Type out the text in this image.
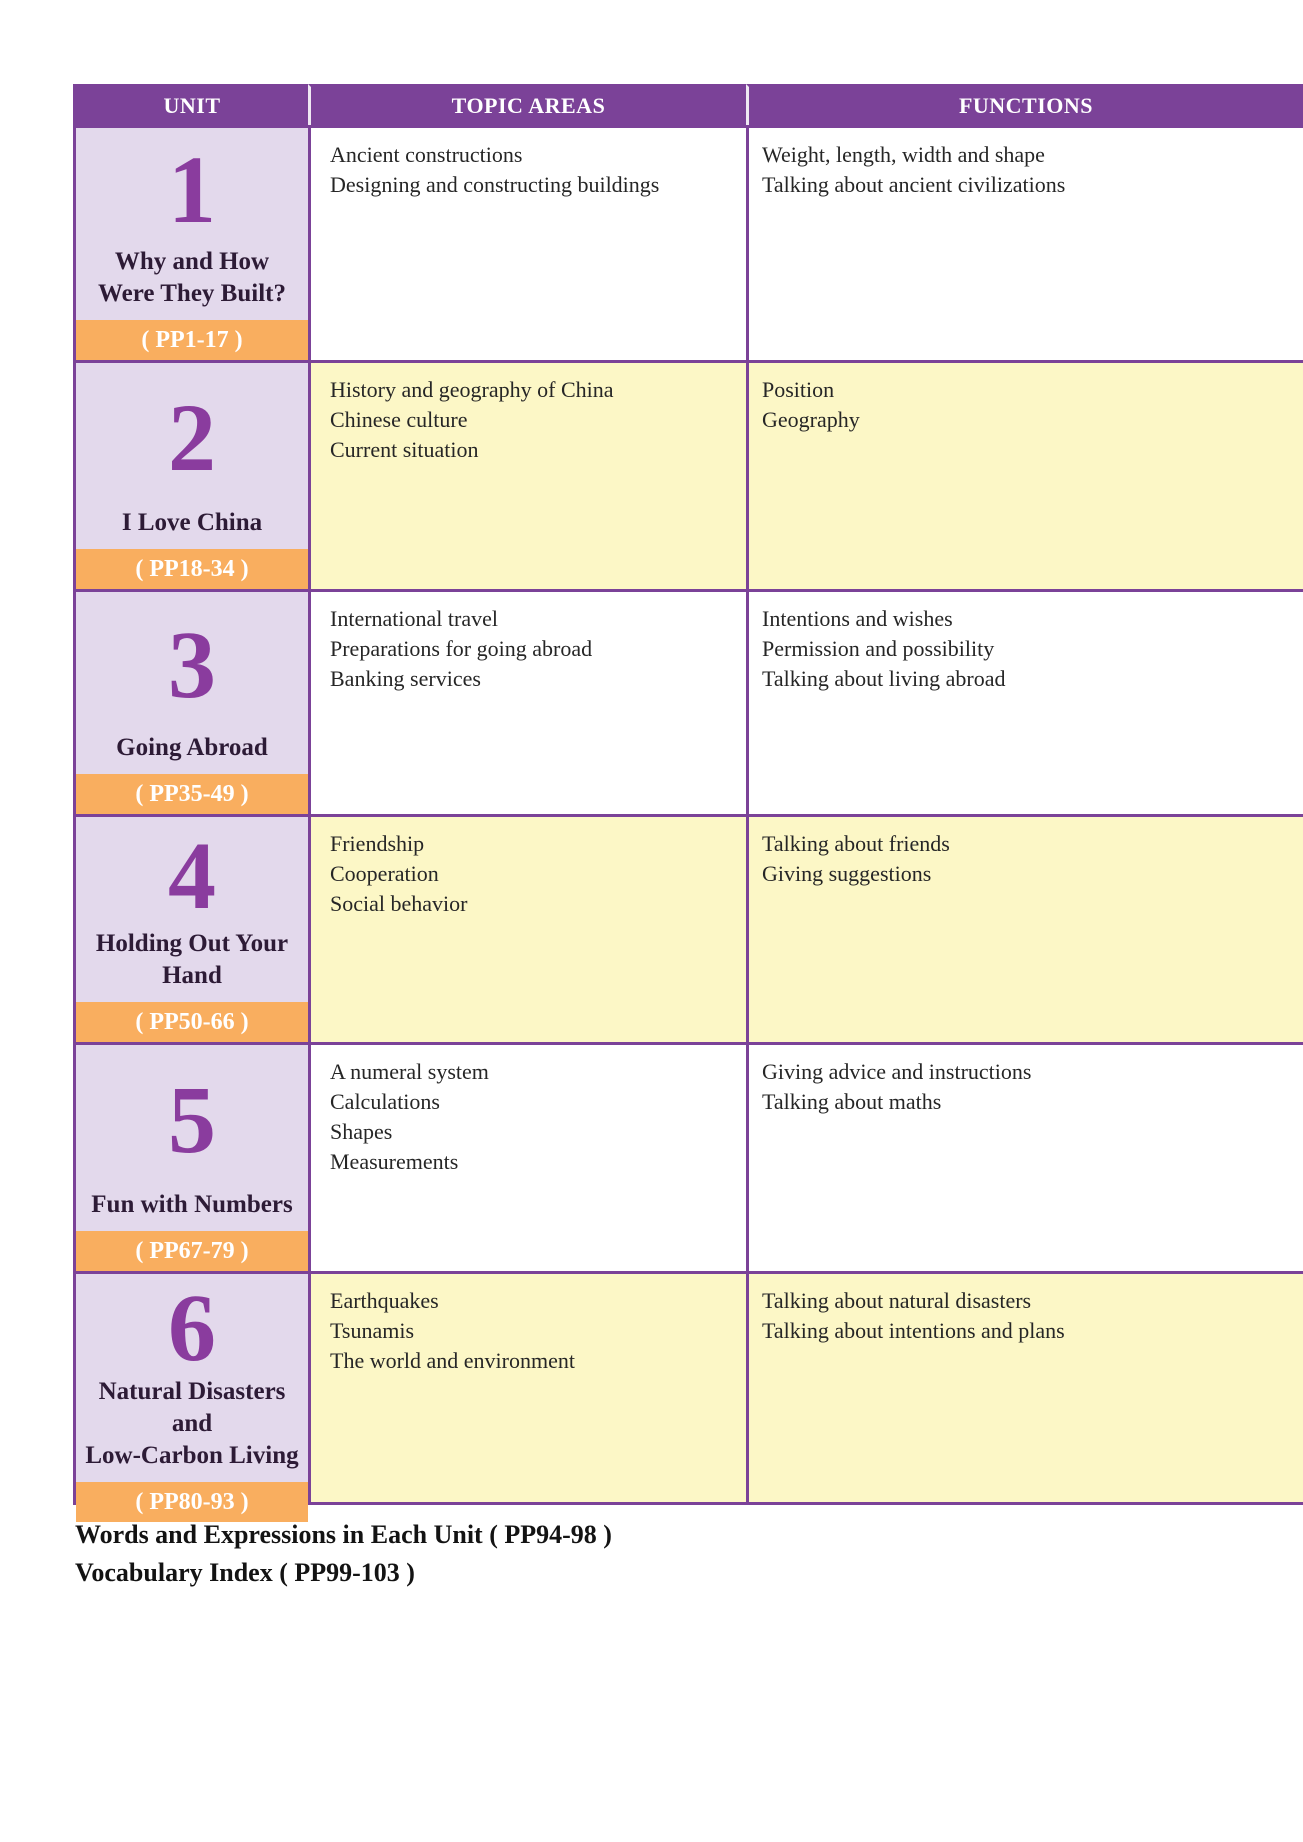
UNIT	TOPIC AREAS	FUNCTIONS
1
Why and How
Were They Built?
( PP1-17 )
Ancient constructions
Designing and constructing buildings
Weight, length, width and shape
Talking about ancient civilizations
2
I Love China
( PP18-34 )
History and geography of China
Chinese culture
Current situation
Position
Geography
3
Going Abroad
( PP35-49 )
International travel
Preparations for going abroad
Banking services
Intentions and wishes
Permission and possibility
Talking about living abroad
4
Holding Out Your
Hand
( PP50-66 )
Friendship
Cooperation
Social behavior
Talking about friends
Giving suggestions
5
Fun with Numbers
( PP67-79 )
A numeral system
Calculations
Shapes
Measurements
Giving advice and instructions
Talking about maths
6
Natural Disasters and
Low-Carbon Living
( PP80-93 )
Earthquakes
Tsunamis
The world and environment
Talking about natural disasters
Talking about intentions and plans
Words and Expressions in Each Unit ( PP94-98 )
Vocabulary Index ( PP99-103 )
